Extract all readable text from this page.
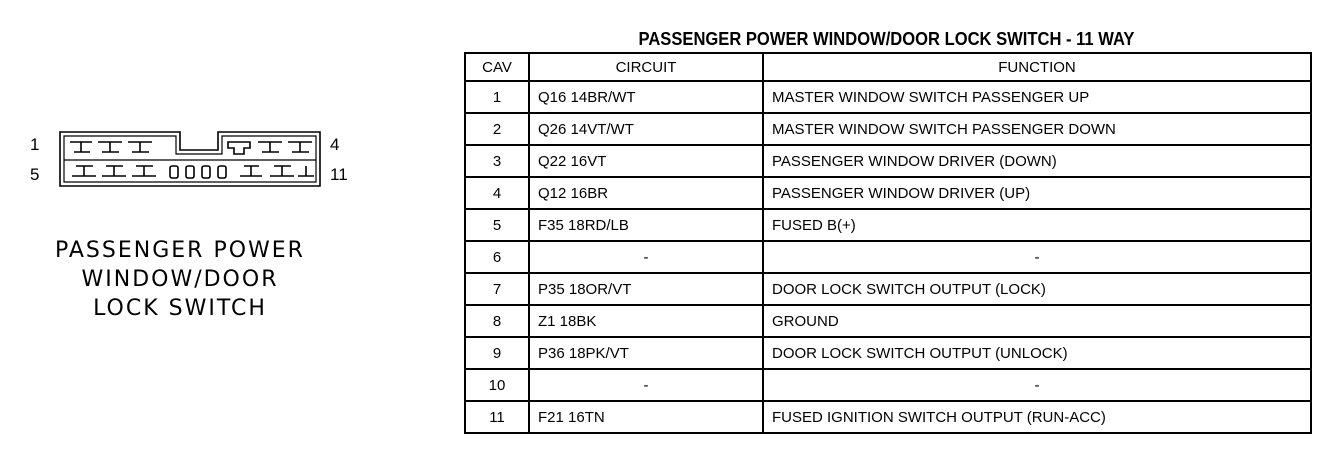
1
5
4
11
PASSENGER POWER
WINDOW/DOOR
LOCK SWITCH
PASSENGER POWER WINDOW/DOOR LOCK SWITCH - 11 WAY
CAV	CIRCUIT	FUNCTION
1	Q16 14BR/WT	MASTER WINDOW SWITCH PASSENGER UP
2	Q26 14VT/WT	MASTER WINDOW SWITCH PASSENGER DOWN
3	Q22 16VT	PASSENGER WINDOW DRIVER (DOWN)
4	Q12 16BR	PASSENGER WINDOW DRIVER (UP)
5	F35 18RD/LB	FUSED B(+)
6	-	-
7	P35 18OR/VT	DOOR LOCK SWITCH OUTPUT (LOCK)
8	Z1 18BK	GROUND
9	P36 18PK/VT	DOOR LOCK SWITCH OUTPUT (UNLOCK)
10	-	-
11	F21 16TN	FUSED IGNITION SWITCH OUTPUT (RUN-ACC)
